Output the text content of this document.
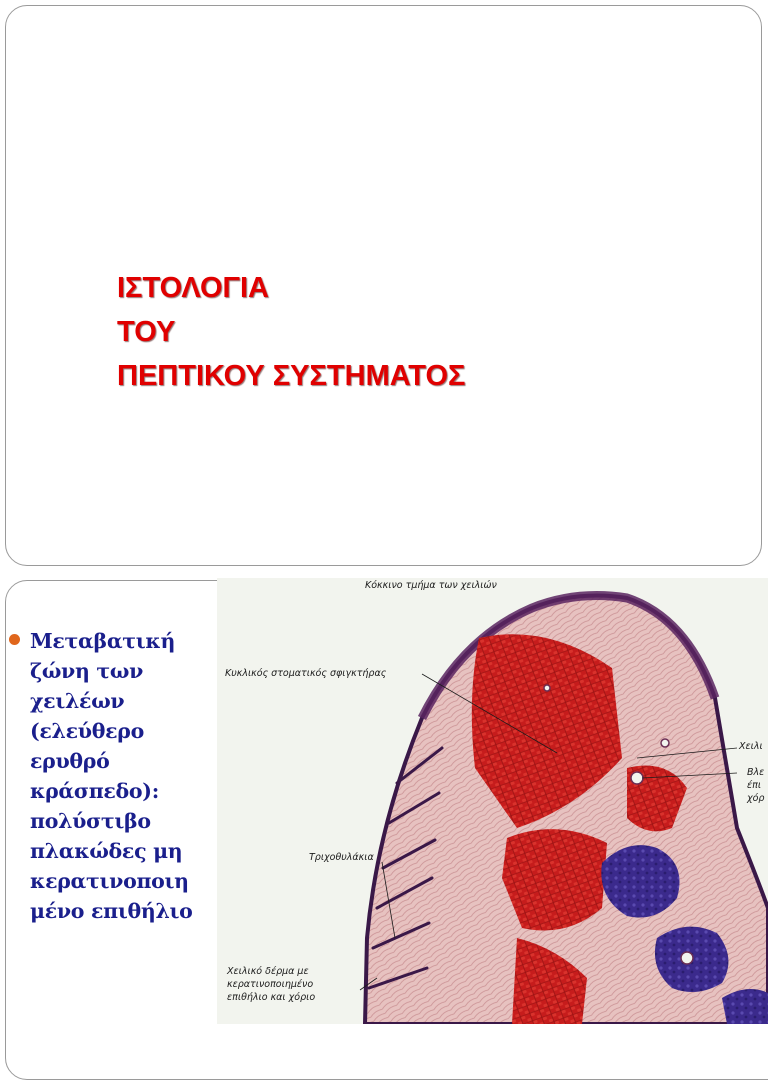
ΙΣΤΟΛΟΓΙΑ
ΤΟΥ
ΠΕΠΤΙΚΟΥ ΣΥΣΤΗΜΑΤΟΣ

Μεταβατική
ζώνη των
χειλέων
(ελεύθερο
ερυθρό
κράσπεδο):
πολύστιβο
πλακώδες μη
κερατινοποιη
μένο επιθήλιο

Κόκκινο τμήμα των χειλιών
Κυκλικός στοματικός σφιγκτήρας
Τριχοθυλάκια
Χειλικό δέρμα με
κερατινοποιημένο
επιθήλιο και χόριο
Χειλι
Βλε
έπι
χόρ
